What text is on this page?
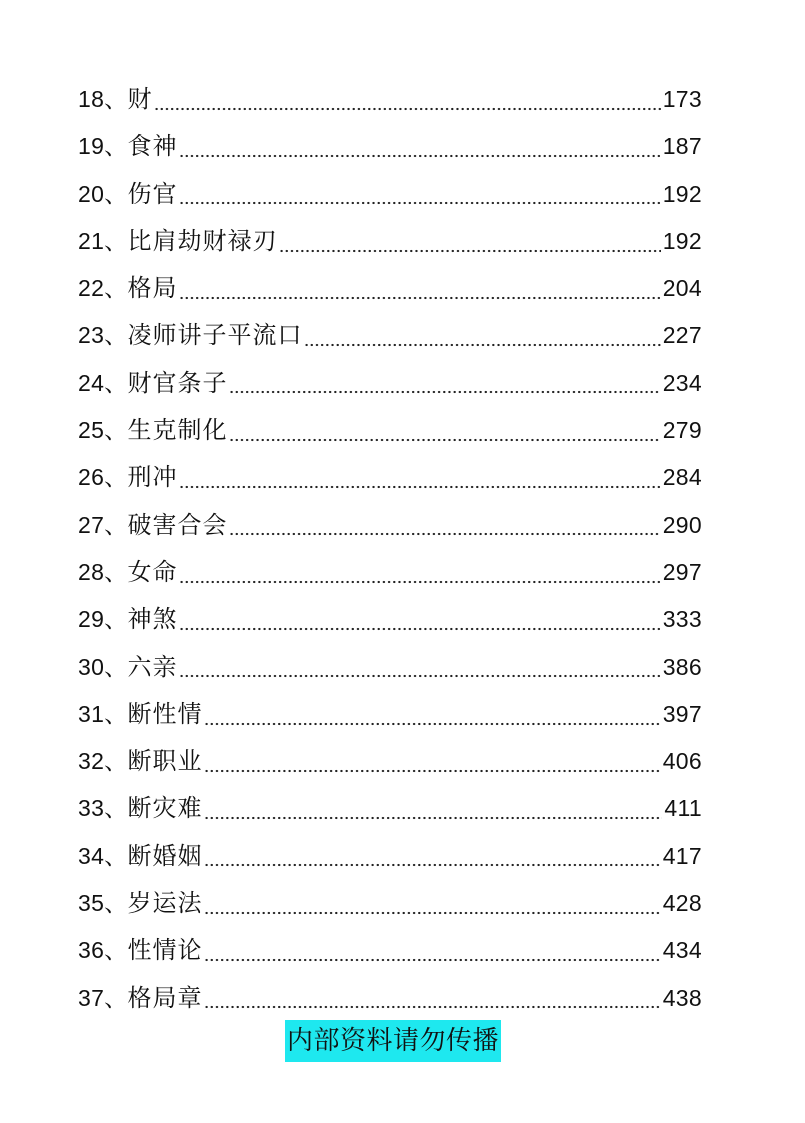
18、 财	173
19、 食神	187
20、 伤官	192
21、 比肩劫财禄刃	192
22、 格局	204
23、 凌师讲子平流口	227
24、 财官条子	234
25、 生克制化	279
26、 刑冲	284
27、 破害合会	290
28、 女命	297
29、 神煞	333
30、 六亲	386
31、 断性情	397
32、 断职业	406
33、 断灾难	411
34、 断婚姻	417
35、 岁运法	428
36、 性情论	434
37、 格局章	438
内部资料请勿传播
